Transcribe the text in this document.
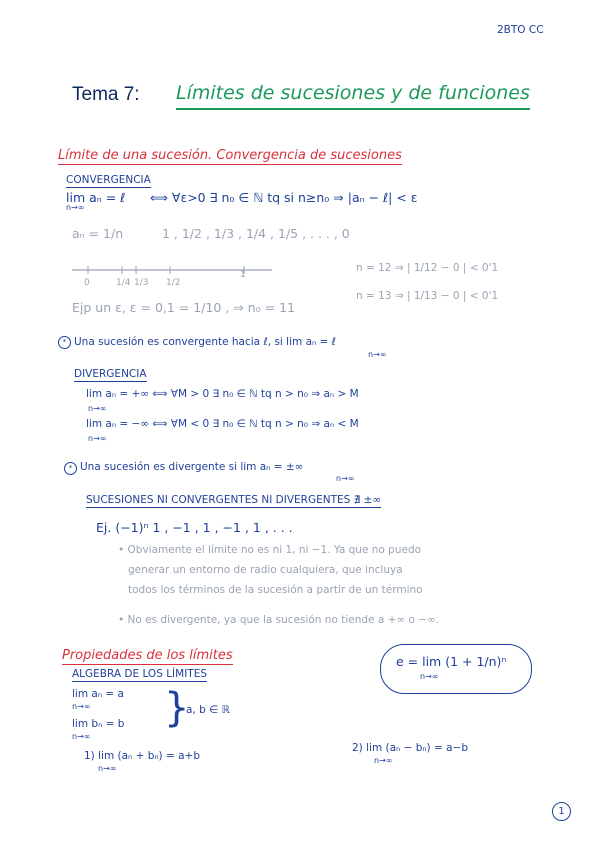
2BTO CC
Tema 7: Límites de sucesiones y de funciones
Límite de una sucesión. Convergencia de sucesiones
CONVERGENCIA
lim aₙ = ℓ
n→∞
⟺ ∀ε>0 ∃ n₀ ∈ ℕ tq si n≥n₀ ⇒ |aₙ − ℓ| < ε
aₙ = 1/n	1 , 1/2 , 1/3 , 1/4 , 1/5 , . . . , 0
0	1/4 1/3 1/2
1
n = 12 ⇒ | 1/12 − 0 | < 0'1
n = 13 ⇒ | 1/13 − 0 | < 0'1
Ejp un ε, ε = 0,1 = 1/10 , ⇒ n₀ = 11
* Una sucesión es convergente hacia ℓ, si lim aₙ = ℓ
n→∞
DIVERGENCIA
lim aₙ = +∞ ⟺ ∀M > 0 ∃ n₀ ∈ ℕ tq n > n₀ ⇒ aₙ > M
n→∞
lim aₙ = −∞ ⟺ ∀M < 0 ∃ n₀ ∈ ℕ tq n > n₀ ⇒ aₙ < M
n→∞
* Una sucesión es divergente si lim aₙ = ±∞
n→∞
SUCESIONES NI CONVERGENTES NI DIVERGENTES ∄ ±∞
Ej. (−1)ⁿ 1 , −1 , 1 , −1 , 1 , . . .
• Obviamente el límite no es ni 1, ni −1. Ya que no puedo
generar un entorno de radio cualquiera, que incluya
todos los términos de la sucesión a partir de un término
• No es divergente, ya que la sucesión no tiende a +∞ o −∞.
Propiedades de los límites
ALGEBRA DE LOS LÍMITES
e = lim (1 + 1/n)ⁿ
n→∞
lim aₙ = a
n→∞
lim bₙ = b
n→∞
}
a, b ∈ ℝ
1) lim (aₙ + bₙ) = a+b
n→∞
2) lim (aₙ − bₙ) = a−b
n→∞
1
